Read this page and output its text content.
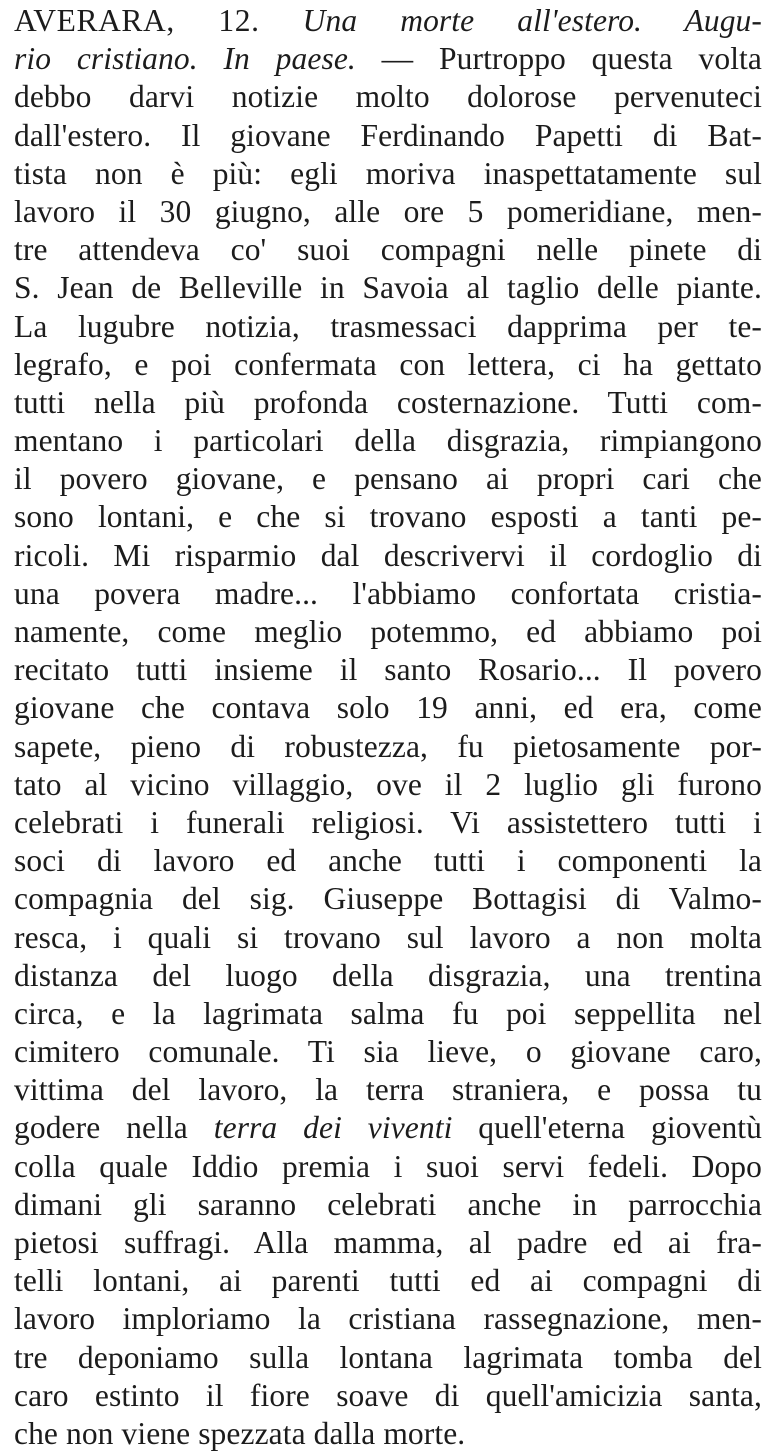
AVERARA, 12. Una morte all'estero. Augu-
rio cristiano. In paese. — Purtroppo questa volta
debbo darvi notizie molto dolorose pervenuteci
dall'estero. Il giovane Ferdinando Papetti di Bat-
tista non è più: egli moriva inaspettatamente sul
lavoro il 30 giugno, alle ore 5 pomeridiane, men-
tre attendeva co' suoi compagni nelle pinete di
S. Jean de Belleville in Savoia al taglio delle piante.
La lugubre notizia, trasmessaci dapprima per te-
legrafo, e poi confermata con lettera, ci ha gettato
tutti nella più profonda costernazione. Tutti com-
mentano i particolari della disgrazia, rimpiangono
il povero giovane, e pensano ai propri cari che
sono lontani, e che si trovano esposti a tanti pe-
ricoli. Mi risparmio dal descrivervi il cordoglio di
una povera madre... l'abbiamo confortata cristia-
namente, come meglio potemmo, ed abbiamo poi
recitato tutti insieme il santo Rosario... Il povero
giovane che contava solo 19 anni, ed era, come
sapete, pieno di robustezza, fu pietosamente por-
tato al vicino villaggio, ove il 2 luglio gli furono
celebrati i funerali religiosi. Vi assistettero tutti i
soci di lavoro ed anche tutti i componenti la
compagnia del sig. Giuseppe Bottagisi di Valmo-
resca, i quali si trovano sul lavoro a non molta
distanza del luogo della disgrazia, una trentina
circa, e la lagrimata salma fu poi seppellita nel
cimitero comunale. Ti sia lieve, o giovane caro,
vittima del lavoro, la terra straniera, e possa tu
godere nella terra dei viventi quell'eterna gioventù
colla quale Iddio premia i suoi servi fedeli. Dopo
dimani gli saranno celebrati anche in parrocchia
pietosi suffragi. Alla mamma, al padre ed ai fra-
telli lontani, ai parenti tutti ed ai compagni di
lavoro imploriamo la cristiana rassegnazione, men-
tre deponiamo sulla lontana lagrimata tomba del
caro estinto il fiore soave di quell'amicizia santa,
che non viene spezzata dalla morte.
